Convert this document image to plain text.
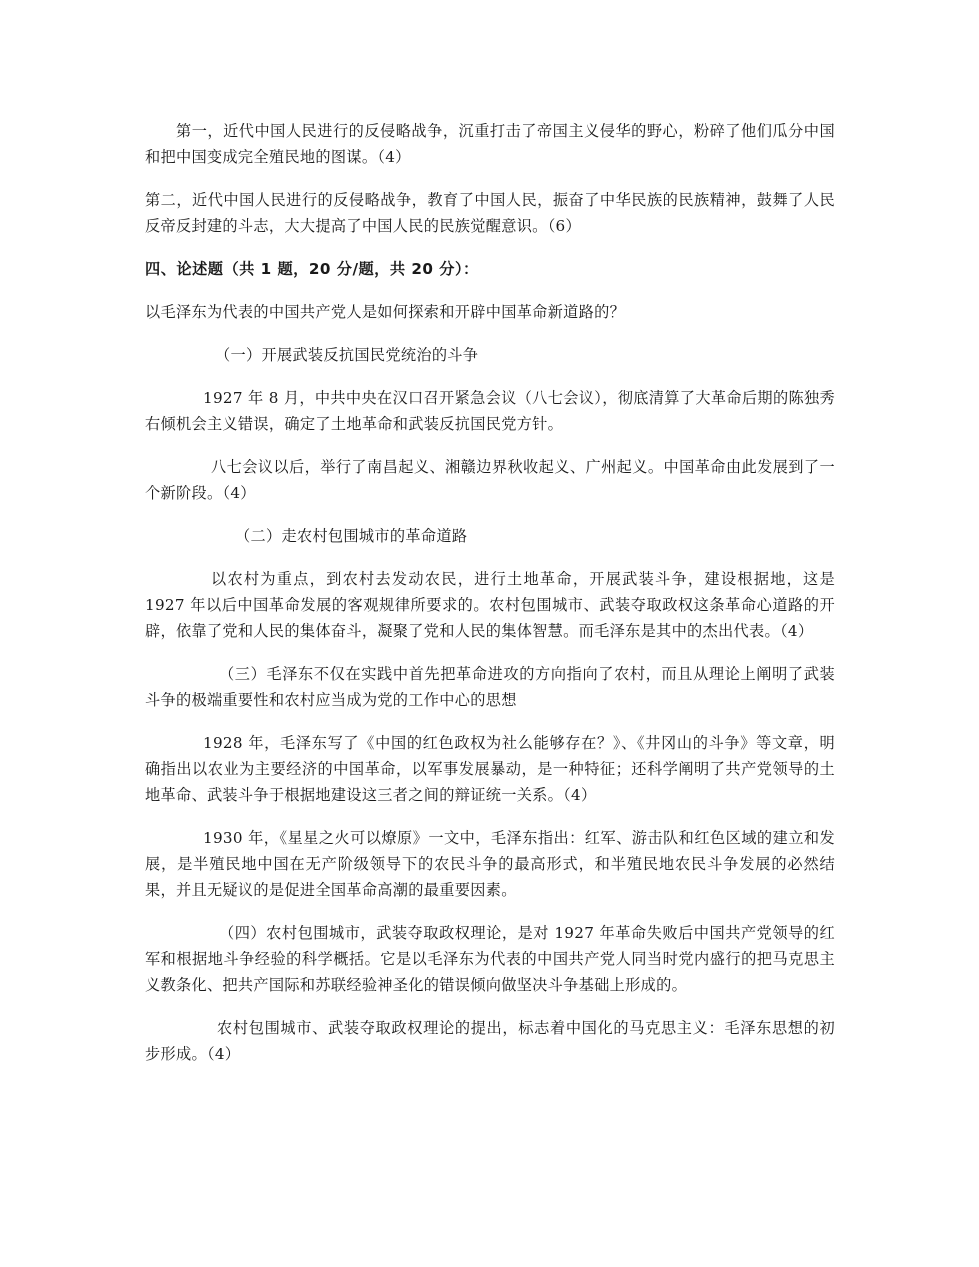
第一，近代中国人民进行的反侵略战争，沉重打击了帝国主义侵华的野心，粉碎了他们瓜分中国和把中国变成完全殖民地的图谋。（4）

第二，近代中国人民进行的反侵略战争，教育了中国人民，振奋了中华民族的民族精神，鼓舞了人民反帝反封建的斗志，大大提高了中国人民的民族觉醒意识。（6）

四、论述题（共 1 题，20 分/题，共 20 分）：

以毛泽东为代表的中国共产党人是如何探索和开辟中国革命新道路的？

（一）开展武装反抗国民党统治的斗争

1927 年 8 月，中共中央在汉口召开紧急会议（八七会议），彻底清算了大革命后期的陈独秀右倾机会主义错误，确定了土地革命和武装反抗国民党方针。

八七会议以后，举行了南昌起义、湘赣边界秋收起义、广州起义。中国革命由此发展到了一个新阶段。（4）

（二）走农村包围城市的革命道路

以农村为重点，到农村去发动农民，进行土地革命，开展武装斗争，建设根据地，这是 1927 年以后中国革命发展的客观规律所要求的。农村包围城市、武装夺取政权这条革命心道路的开辟，依靠了党和人民的集体奋斗，凝聚了党和人民的集体智慧。而毛泽东是其中的杰出代表。（4）

（三）毛泽东不仅在实践中首先把革命进攻的方向指向了农村，而且从理论上阐明了武装斗争的极端重要性和农村应当成为党的工作中心的思想

1928 年，毛泽东写了《中国的红色政权为社么能够存在？》、《井冈山的斗争》等文章，明确指出以农业为主要经济的中国革命，以军事发展暴动，是一种特征；还科学阐明了共产党领导的土地革命、武装斗争于根据地建设这三者之间的辩证统一关系。（4）

1930 年，《星星之火可以燎原》一文中，毛泽东指出：红军、游击队和红色区域的建立和发展，是半殖民地中国在无产阶级领导下的农民斗争的最高形式，和半殖民地农民斗争发展的必然结果，并且无疑议的是促进全国革命高潮的最重要因素。

（四）农村包围城市，武装夺取政权理论，是对 1927 年革命失败后中国共产党领导的红军和根据地斗争经验的科学概括。它是以毛泽东为代表的中国共产党人同当时党内盛行的把马克思主义教条化、把共产国际和苏联经验神圣化的错误倾向做坚决斗争基础上形成的。

农村包围城市、武装夺取政权理论的提出，标志着中国化的马克思主义：毛泽东思想的初步形成。（4）
